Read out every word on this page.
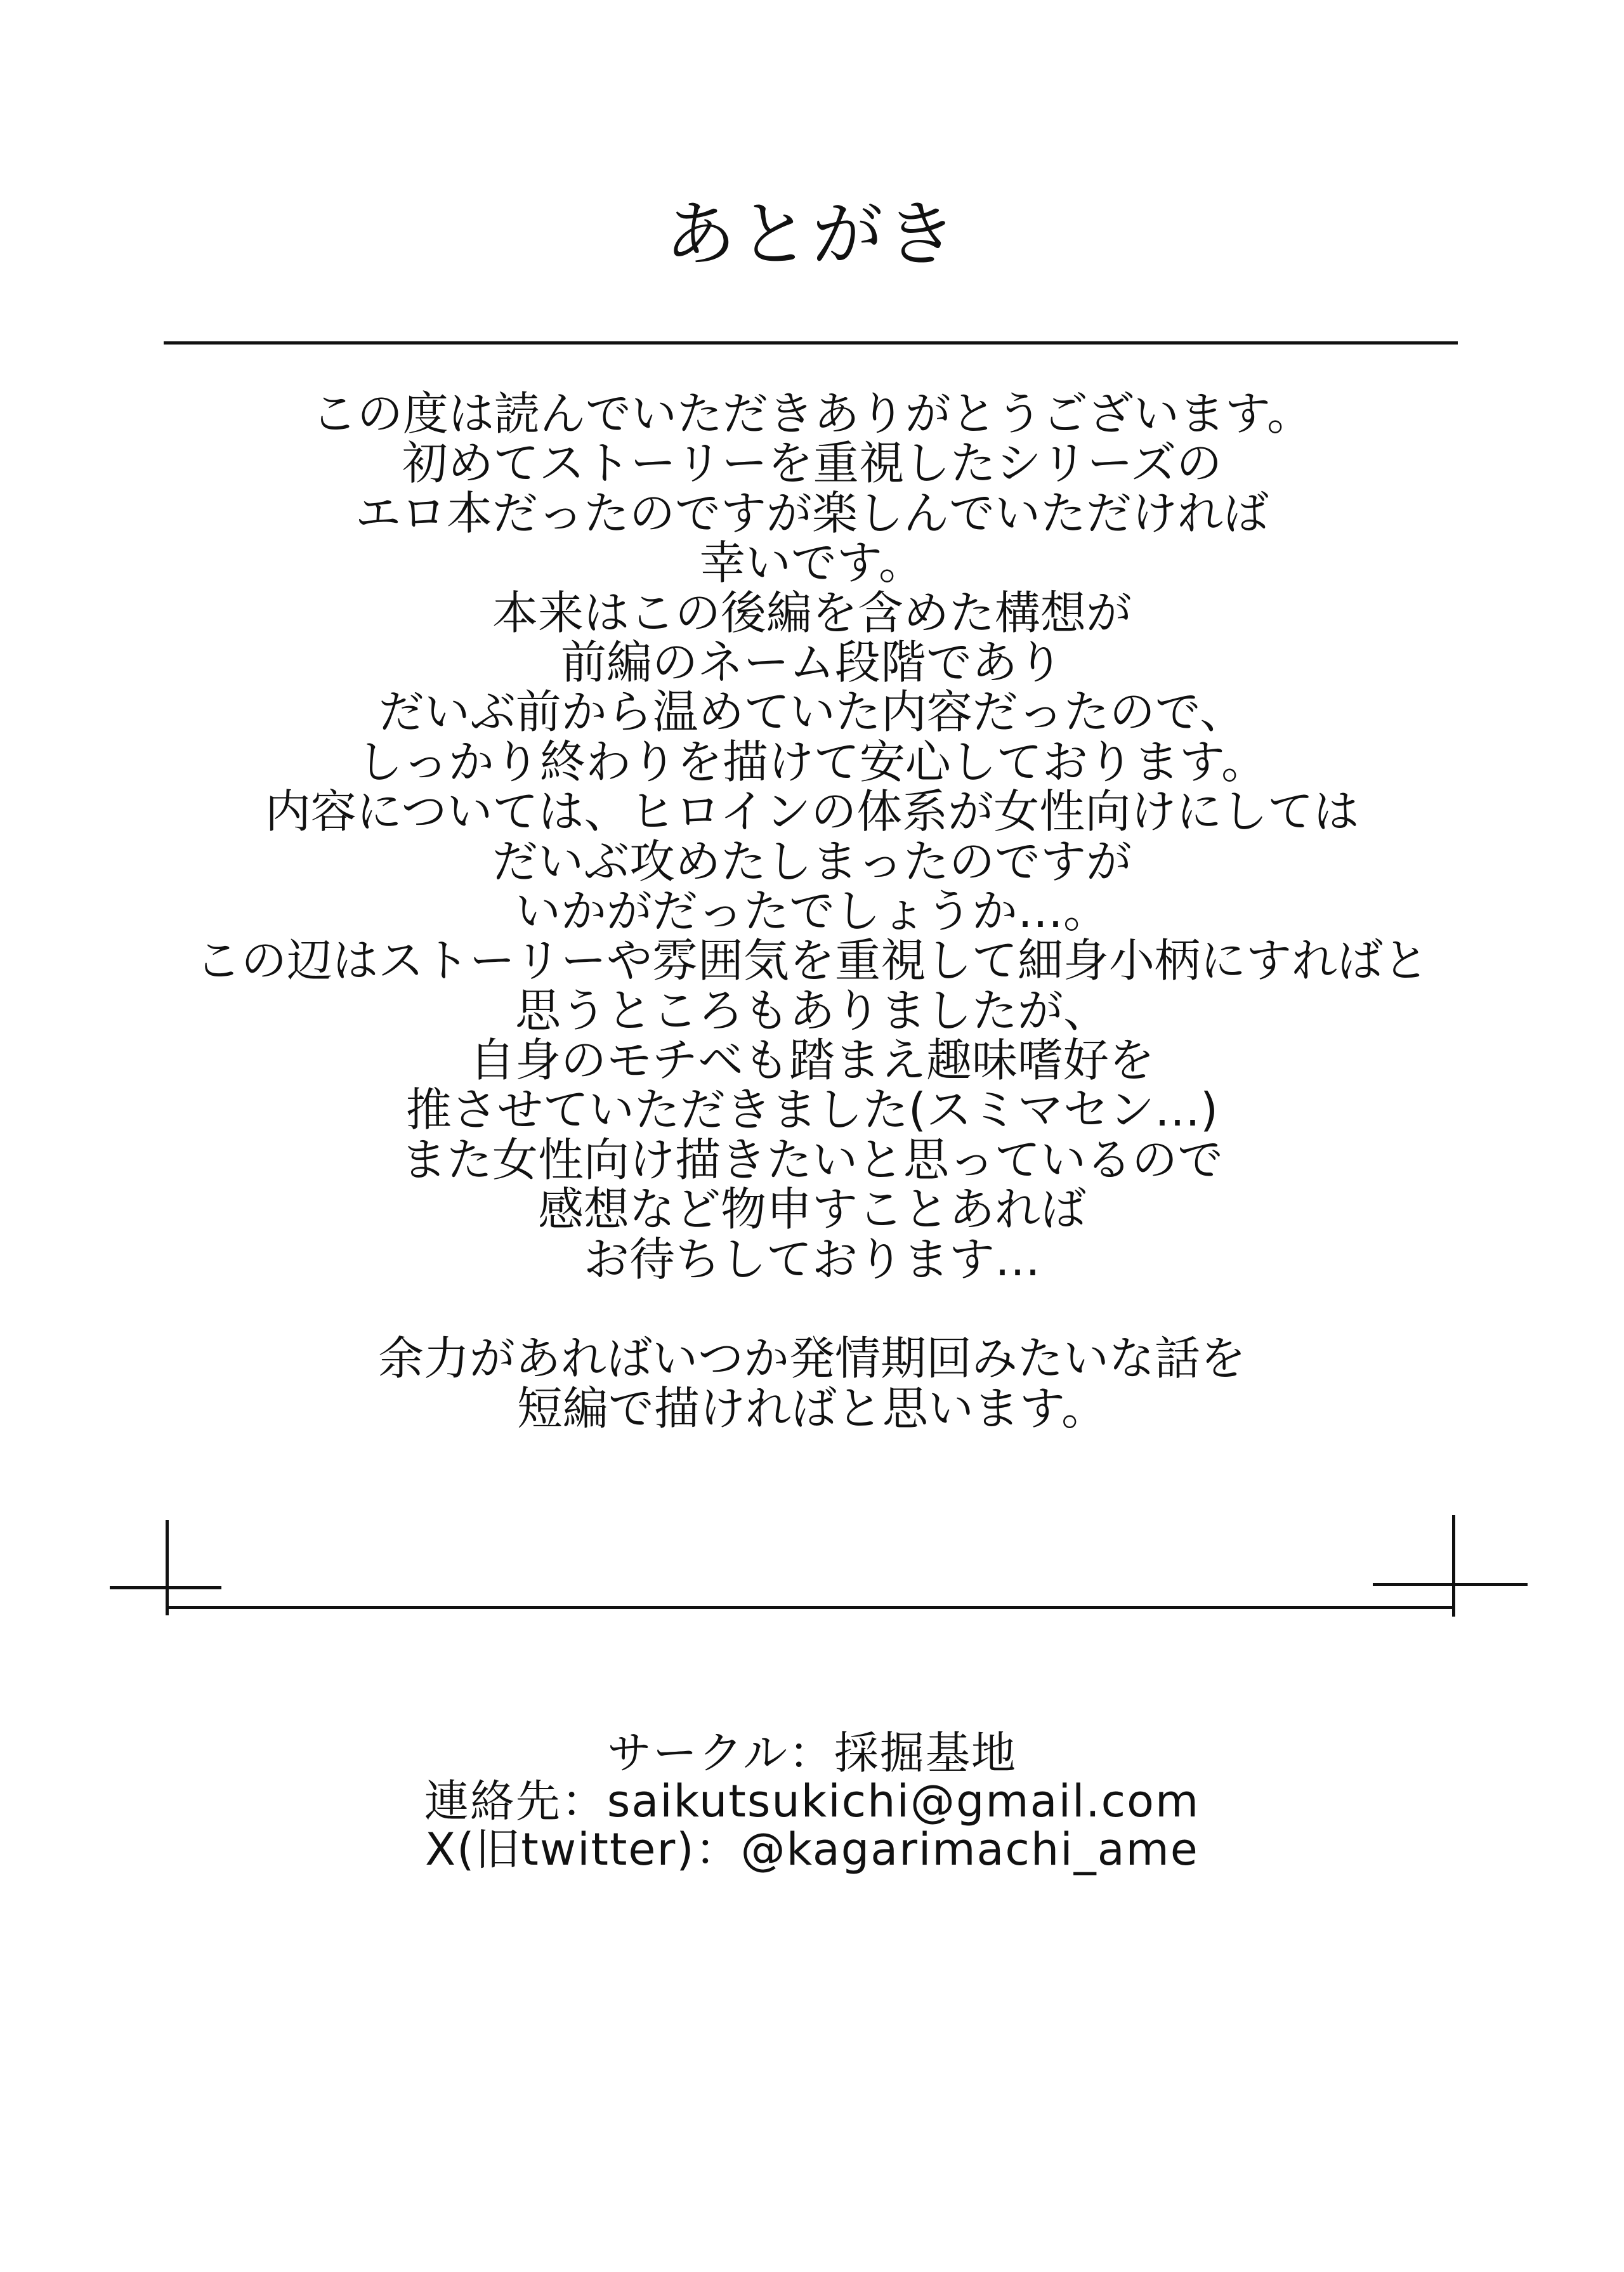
あとがき
この度は読んでいただきありがとうございます。
初めてストーリーを重視したシリーズの
エロ本だったのですが楽しんでいただければ
幸いです。
本来はこの後編を含めた構想が
前編のネーム段階であり
だいぶ前から温めていた内容だったので、
しっかり終わりを描けて安心しております。
内容については、ヒロインの体系が女性向けにしては
だいぶ攻めたしまったのですが
いかがだったでしょうか…。
この辺はストーリーや雰囲気を重視して細身小柄にすればと
思うところもありましたが、
自身のモチベも踏まえ趣味嗜好を
推させていただきました(スミマセン…)
また女性向け描きたいと思っているので
感想など物申すことあれば
お待ちしております…
余力があればいつか発情期回みたいな話を
短編で描ければと思います。
サークル：採掘基地
連絡先：saikutsukichi@gmail.com
X(旧twitter)：@kagarimachi_ame
